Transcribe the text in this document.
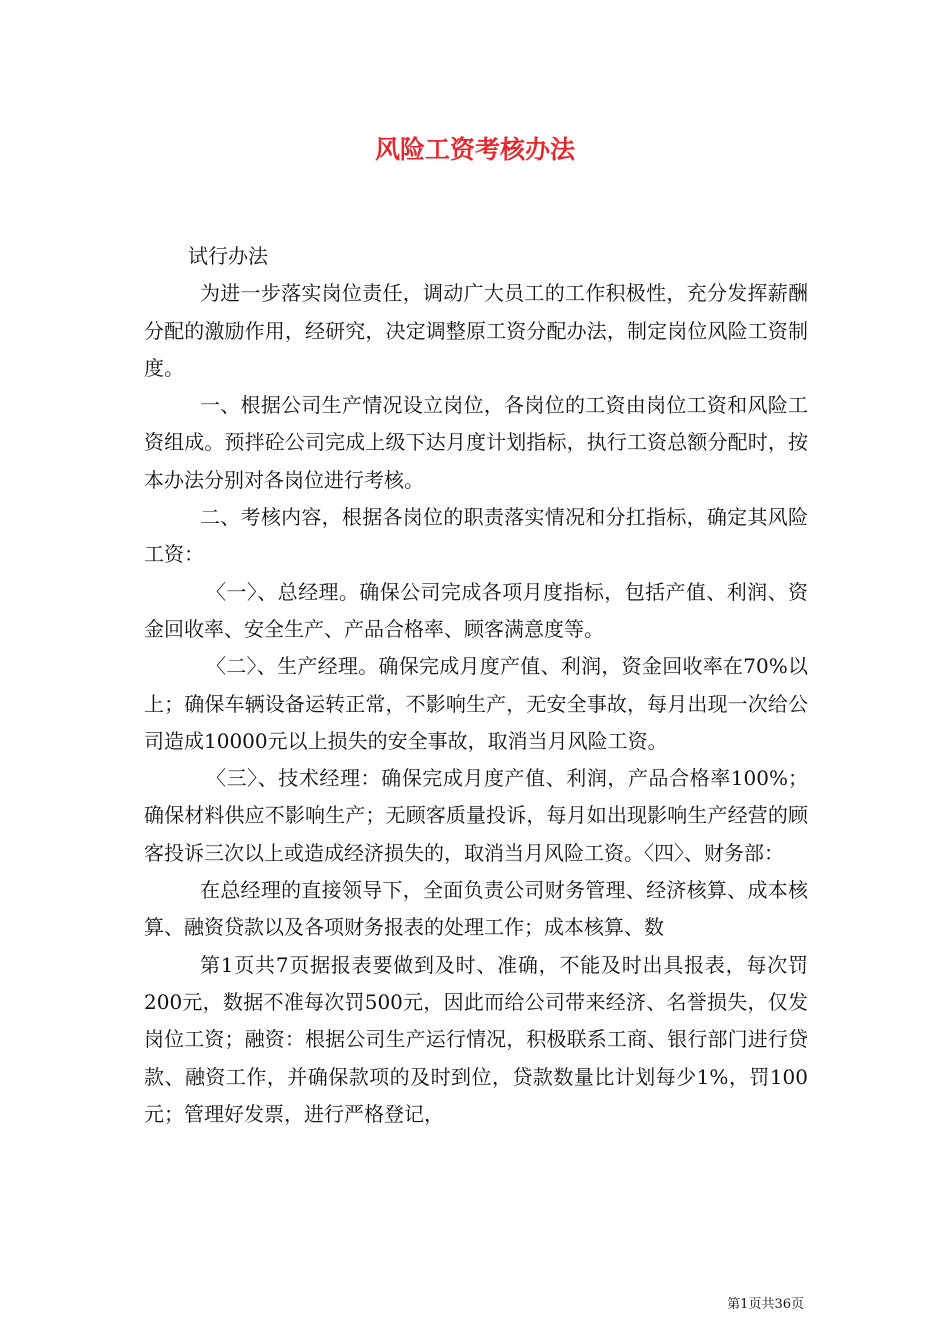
风险工资考核办法

试行办法

为进一步落实岗位责任，调动广大员工的工作积极性，充分发挥薪酬分配的激励作用，经研究，决定调整原工资分配办法，制定岗位风险工资制度。

一、根据公司生产情况设立岗位，各岗位的工资由岗位工资和风险工资组成。预拌砼公司完成上级下达月度计划指标，执行工资总额分配时，按本办法分别对各岗位进行考核。

二、考核内容，根据各岗位的职责落实情况和分扛指标，确定其风险工资：

〈一〉、总经理。确保公司完成各项月度指标，包括产值、利润、资金回收率、安全生产、产品合格率、顾客满意度等。

〈二〉、生产经理。确保完成月度产值、利润，资金回收率在70%以上；确保车辆设备运转正常，不影响生产，无安全事故，每月出现一次给公司造成10000元以上损失的安全事故，取消当月风险工资。

〈三〉、技术经理：确保完成月度产值、利润，产品合格率100%；确保材料供应不影响生产；无顾客质量投诉，每月如出现影响生产经营的顾客投诉三次以上或造成经济损失的，取消当月风险工资。〈四〉、财务部：

在总经理的直接领导下，全面负责公司财务管理、经济核算、成本核算、融资贷款以及各项财务报表的处理工作；成本核算、数

第1页共7页据报表要做到及时、准确，不能及时出具报表，每次罚200元，数据不准每次罚500元，因此而给公司带来经济、名誉损失，仅发岗位工资；融资：根据公司生产运行情况，积极联系工商、银行部门进行贷款、融资工作，并确保款项的及时到位，贷款数量比计划每少1%，罚100元；管理好发票，进行严格登记，

第1页共36页
